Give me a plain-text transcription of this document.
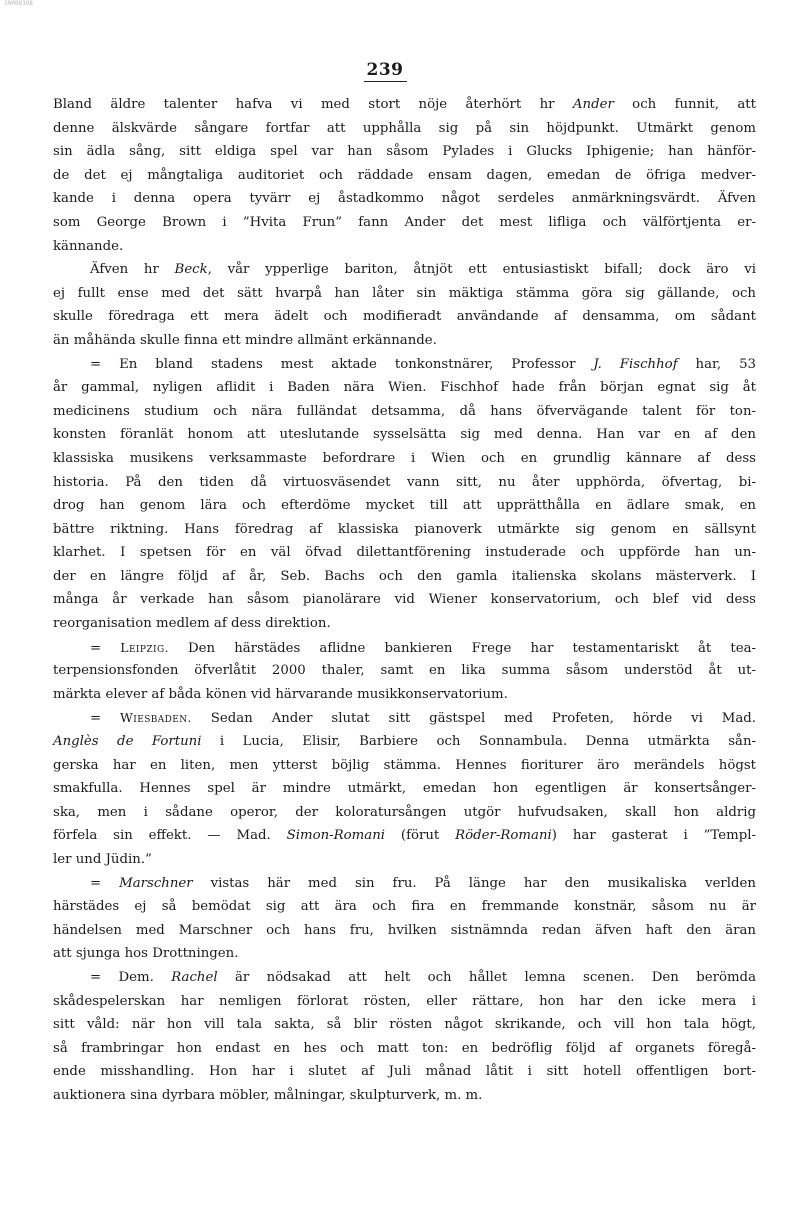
10000398
239
Bland äldre talenter hafva vi med stort nöje återhört hr Ander och funnit, att
denne älskvärde sångare fortfar att upphålla sig på sin höjdpunkt. Utmärkt genom
sin ädla sång, sitt eldiga spel var han såsom Pylades i Glucks Iphigenie; han hänför-
de det ej mångtaliga auditoriet och räddade ensam dagen, emedan de öfriga medver-
kande i denna opera tyvärr ej åstadkommo något serdeles anmärkningsvärdt. Äfven
som George Brown i ”Hvita Frun” fann Ander det mest lifliga och välförtjenta er-
kännande.
Äfven hr Beck, vår ypperlige bariton, åtnjöt ett entusiastiskt bifall; dock äro vi
ej fullt ense med det sätt hvarpå han låter sin mäktiga stämma göra sig gällande, och
skulle föredraga ett mera ädelt och modifieradt användande af densamma, om sådant
än måhända skulle finna ett mindre allmänt erkännande.
= En bland stadens mest aktade tonkonstnärer, Professor J. Fischhof har, 53
år gammal, nyligen aflidit i Baden nära Wien. Fischhof hade från början egnat sig åt
medicinens studium och nära fulländat detsamma, då hans öfvervägande talent för ton-
konsten föranlät honom att uteslutande sysselsätta sig med denna. Han var en af den
klassiska musikens verksammaste befordrare i Wien och en grundlig kännare af dess
historia. På den tiden då virtuosväsendet vann sitt, nu åter upphörda, öfvertag, bi-
drog han genom lära och efterdöme mycket till att upprätthålla en ädlare smak, en
bättre riktning. Hans föredrag af klassiska pianoverk utmärkte sig genom en sällsynt
klarhet. I spetsen för en väl öfvad dilettantförening instuderade och uppförde han un-
der en längre följd af år, Seb. Bachs och den gamla italienska skolans mästerverk. I
många år verkade han såsom pianolärare vid Wiener konservatorium, och blef vid dess
reorganisation medlem af dess direktion.
= Leipzig. Den härstädes aflidne bankieren Frege har testamentariskt åt tea-
terpensionsfonden öfverlåtit 2000 thaler, samt en lika summa såsom understöd åt ut-
märkta elever af båda könen vid härvarande musikkonservatorium.
= Wiesbaden. Sedan Ander slutat sitt gästspel med Profeten, hörde vi Mad.
Anglès de Fortuni i Lucia, Elisir, Barbiere och Sonnambula. Denna utmärkta sån-
gerska har en liten, men ytterst böjlig stämma. Hennes fioriturer äro merändels högst
smakfulla. Hennes spel är mindre utmärkt, emedan hon egentligen är konsertsånger-
ska, men i sådane operor, der koloratursången utgör hufvudsaken, skall hon aldrig
förfela sin effekt. — Mad. Simon-Romani (förut Röder-Romani) har gasterat i ”Templ-
ler und Jüdin.”
= Marschner vistas här med sin fru. På länge har den musikaliska verlden
härstädes ej så bemödat sig att ära och fira en fremmande konstnär, såsom nu är
händelsen med Marschner och hans fru, hvilken sistnämnda redan äfven haft den äran
att sjunga hos Drottningen.
= Dem. Rachel är nödsakad att helt och hållet lemna scenen. Den berömda
skådespelerskan har nemligen förlorat rösten, eller rättare, hon har den icke mera i
sitt våld: när hon vill tala sakta, så blir rösten något skrikande, och vill hon tala högt,
så frambringar hon endast en hes och matt ton: en bedröflig följd af organets föregå-
ende misshandling. Hon har i slutet af Juli månad låtit i sitt hotell offentligen bort-
auktionera sina dyrbara möbler, målningar, skulpturverk, m. m.
